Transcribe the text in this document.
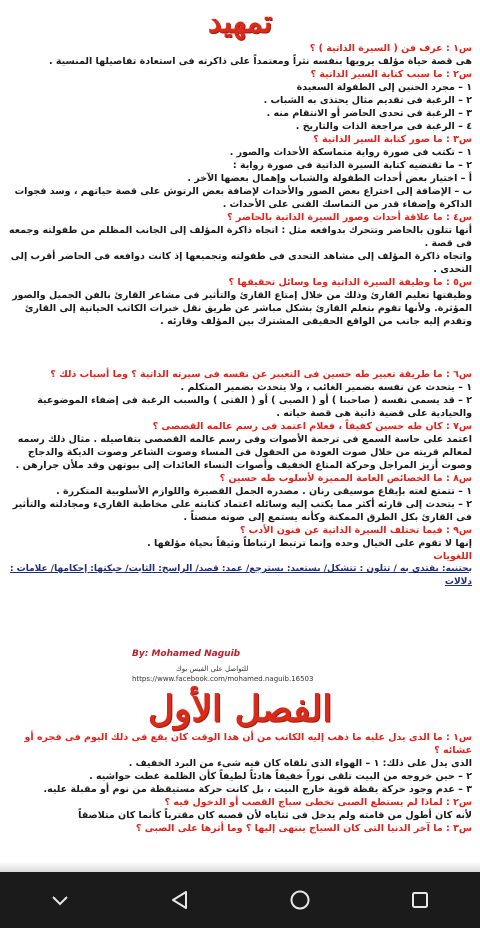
تمهيد

س١ : عرف فن ( السيرة الذاتية ) ؟

هى قصة حياة مؤلف يرويها بنفسه نثراً ومعتمداً على ذاكرته فى استعادة تفاصيلها المنسية .

س٢ : ما سبب كتابة السير الذاتية ؟

١ – مجرد الحنين إلى الطفولة السعيدة

٢ – الرغبة فى تقديم مثال يحتذى به الشباب .

٣ – الرغبة فى تحدى الحاضر أو الانتقام منه .

٤ – الرغبة فى مراجعة الذات والتاريخ .

س٣ : ما صور كتابة السير الذاتية ؟

١ – تكتب فى صورة رواية متماسكة الأحداث والصور .

٢ – ما تقتضيه كتابة السيرة الذاتية فى صورة رواية :

أ – اختيار بعض أحداث الطفولة والشباب وإهمال بعضها الآخر .

ب – الإضافة إلى اختراع بعض الصور والأحداث لإضافة بعض الرتوش على قصة حياتهم ، وسد فجوات الذاكرة وإضفاء قدر من التماسك الفنى على الأحداث .

س٤ : ما علاقة أحداث وصور السيرة الذاتية بالحاضر ؟

أنها تتلون بالحاضر وتتحرك بدوافعه مثل : اتجاه ذاكرة المؤلف إلى الجانب المظلم من طفولته وجمعه فى قصة .

واتجاه ذاكرة المؤلف إلى مشاهد التحدى فى طفولته وتجميعها إذ كانت دوافعه فى الحاضر أقرب إلى التحدى .

س٥ : ما وظيفة السيرة الذاتية وما وسائل تحقيقها ؟

وظيفتها تعليم القارئ وذلك من خلال إمتاع القارئ والتأثير فى مشاعر القارئ بالفن الجميل والصور المؤثرة. ولأنها تقوم بتعلم القارئ بشكل مباشر عن طريق نقل خبرات الكاتب الحياتية إلى القارئ وتقدم إليه جانب من الواقع الحقيقى المشترك بين المؤلف وقارئه .

س٦ : ما طريقة تعبير طه حسين فى التعبير عن نفسه فى سيرته الذاتية ؟ وما أسباب ذلك ؟

١ – يتحدث عن نفسه بضمير الغائب ، ولا يتحدث بضمير المتكلم .

٢ – قد يسمى نفسه ( صاحبنا ) أو ( الصبى ) أو ( الفتى ) والسبب الرغبة فى إضفاء الموضوعية والحيادية على قضية ذاتية هى قصة حياته .

س٧ : كان طه حسين كفيفاً ، فعلام اعتمد فى رسم عالمه القصصى ؟

اعتمد على حاسة السمع فى ترجمة الأصوات وفى رسم عالمه القصصى بتفاصيله . مثال ذلك رسمه لمعالم قريته من خلال صوت العودة من الحقول فى المساء وصوت الشاعر وصوت الديكة والدجاج وصوت أزيز المراجل وحركة المتاع الخفيف وأصوات النساء العائدات إلى بيوتهن وقد ملأن جرارهن .

س٨ : ما الخصائص العامة المميزة لأسلوب طه حسين ؟

١ – تتمتع لغته بإيقاع موسيقى رنان . مصدره الجمل القصيرة واللوازم الأسلوبية المتكررة .

٢ – يتحدث إلى قارئه أكثر مما يكتب إليه وسائله اعتماد كتابته على مخاطبة القارىء ومجادلته والتأثير فى القارئ بكل الطرق الممكنة وكأنه يستمع إلى صوته منصتاً .

س٩ : فيما تختلف السيرة الذاتية عن فنون الأدب ؟

إنها لا تقوم على الخيال وحده وإنما ترتبط ارتباطاً وثيقاً بحياة مؤلفها .

اللغويات

بحتنيه: يقتدى به / تتلون : تتشكل/ يستعيد: يسترجع/ عمد: قصد/ الراسخ: الثابت/ حبكتها: إحكامها/ علامات : دلالات
By: Mohamed Naguib
للتواصل على الفيس بوك
https://www.facebook.com/mohamed.naguib.16503
الفصل الأول

س١ : ما الذى يدل عليه ما ذهب إليه الكاتب من أن هذا الوقت كان يقع فى ذلك اليوم فى فجره أو عشائه ؟

الذى يدل على ذلك: ١ – الهواء الذى تلقاه كان فيه شىء من البرد الخفيف .

٢ – حين خروجه من البيت تلقى نوراً خفيفاً هادئاً لطيفاً كأن الظلمة غطت حواشيه .

٣ – عدم وجود حركة يقظة قوية خارج البيت ، بل كانت حركة مستيقظة من نوم أو مقبلة عليه.

س٢ : لماذا لم يستطع الصبى تخطى سياج القصب أو الدخول فيه ؟

لأنه كان أطول من قامته ولم يدخل فى ثناياه لأن قصبه كان مقترباً كأنما كان متلاصقاً

س٣ : ما آخر الدنيا التى كان السياج ينتهى إليها ؟ وما أثرها على الصبى ؟
